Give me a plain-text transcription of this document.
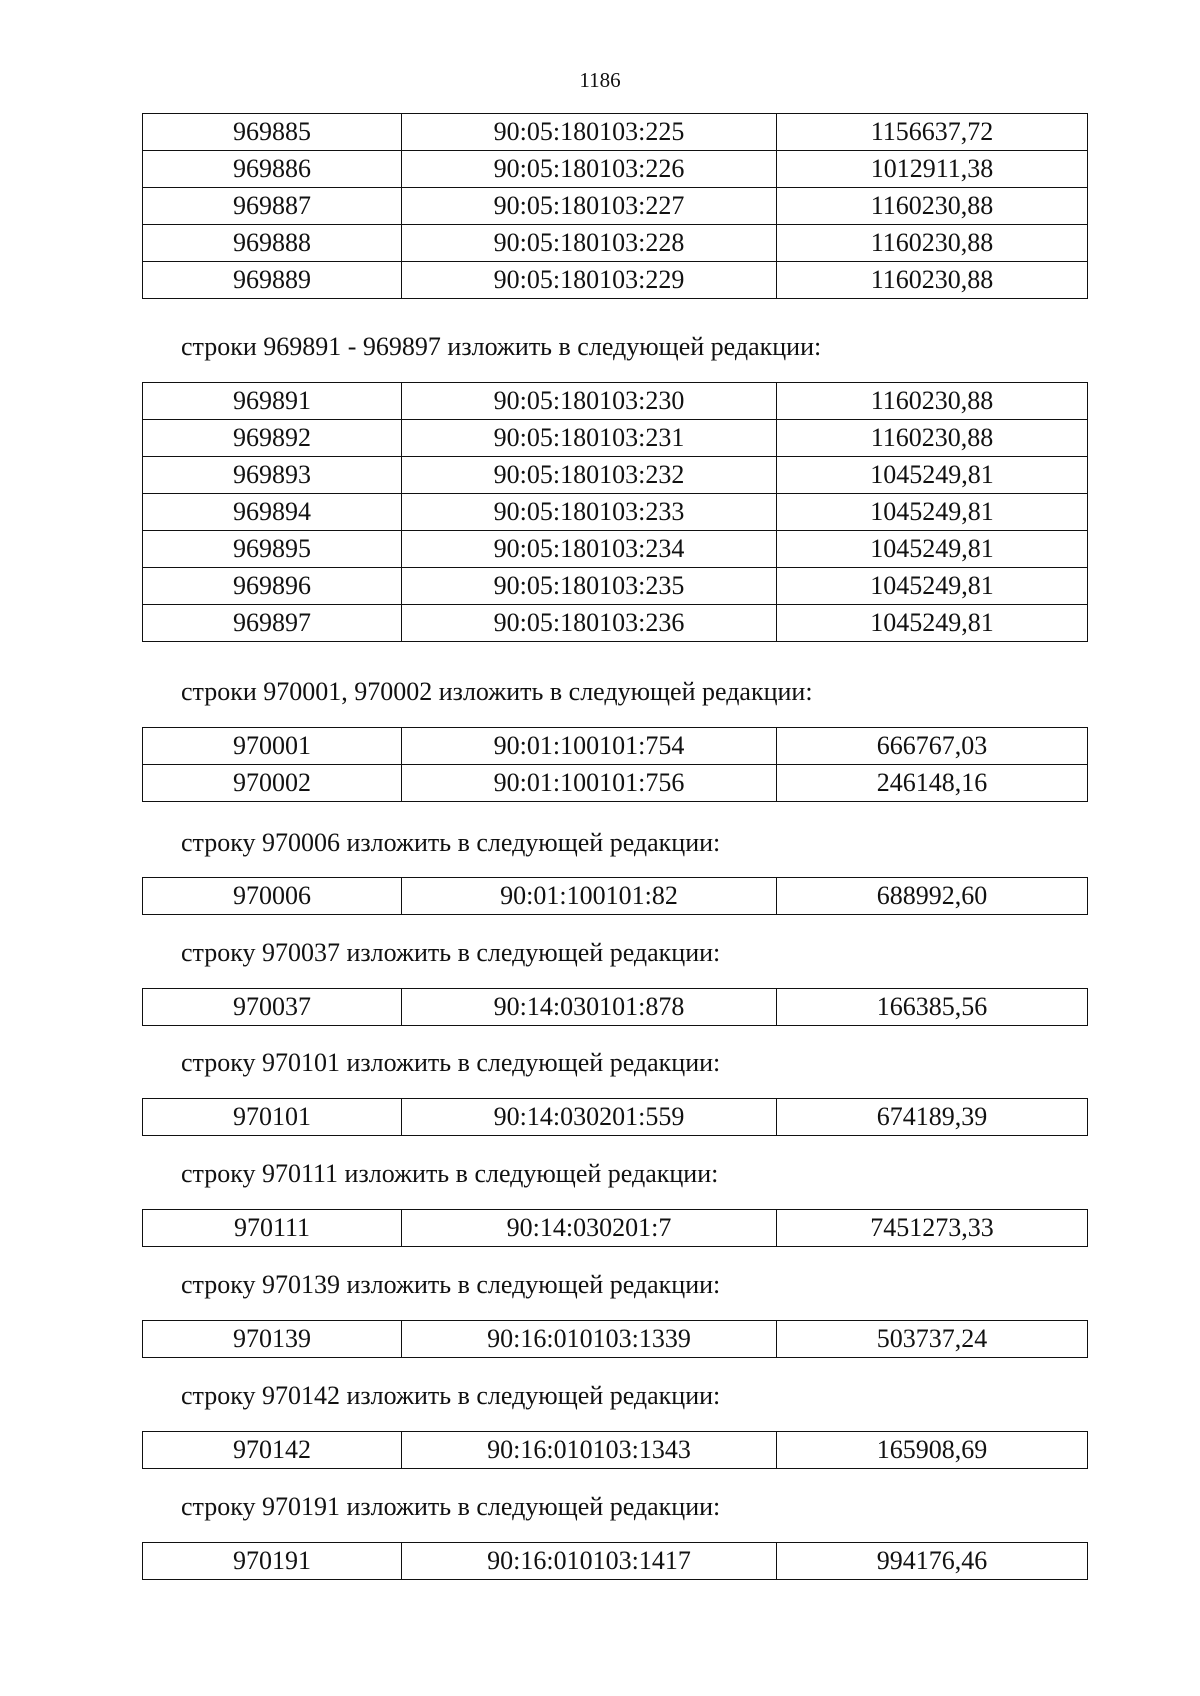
1186
969885	90:05:180103:225	1156637,72
969886	90:05:180103:226	1012911,38
969887	90:05:180103:227	1160230,88
969888	90:05:180103:228	1160230,88
969889	90:05:180103:229	1160230,88
строки 969891 - 969897 изложить в следующей редакции:
969891	90:05:180103:230	1160230,88
969892	90:05:180103:231	1160230,88
969893	90:05:180103:232	1045249,81
969894	90:05:180103:233	1045249,81
969895	90:05:180103:234	1045249,81
969896	90:05:180103:235	1045249,81
969897	90:05:180103:236	1045249,81
строки 970001, 970002 изложить в следующей редакции:
970001	90:01:100101:754	666767,03
970002	90:01:100101:756	246148,16
строку 970006 изложить в следующей редакции:
970006	90:01:100101:82	688992,60
строку 970037 изложить в следующей редакции:
970037	90:14:030101:878	166385,56
строку 970101 изложить в следующей редакции:
970101	90:14:030201:559	674189,39
строку 970111 изложить в следующей редакции:
970111	90:14:030201:7	7451273,33
строку 970139 изложить в следующей редакции:
970139	90:16:010103:1339	503737,24
строку 970142 изложить в следующей редакции:
970142	90:16:010103:1343	165908,69
строку 970191 изложить в следующей редакции:
970191	90:16:010103:1417	994176,46
